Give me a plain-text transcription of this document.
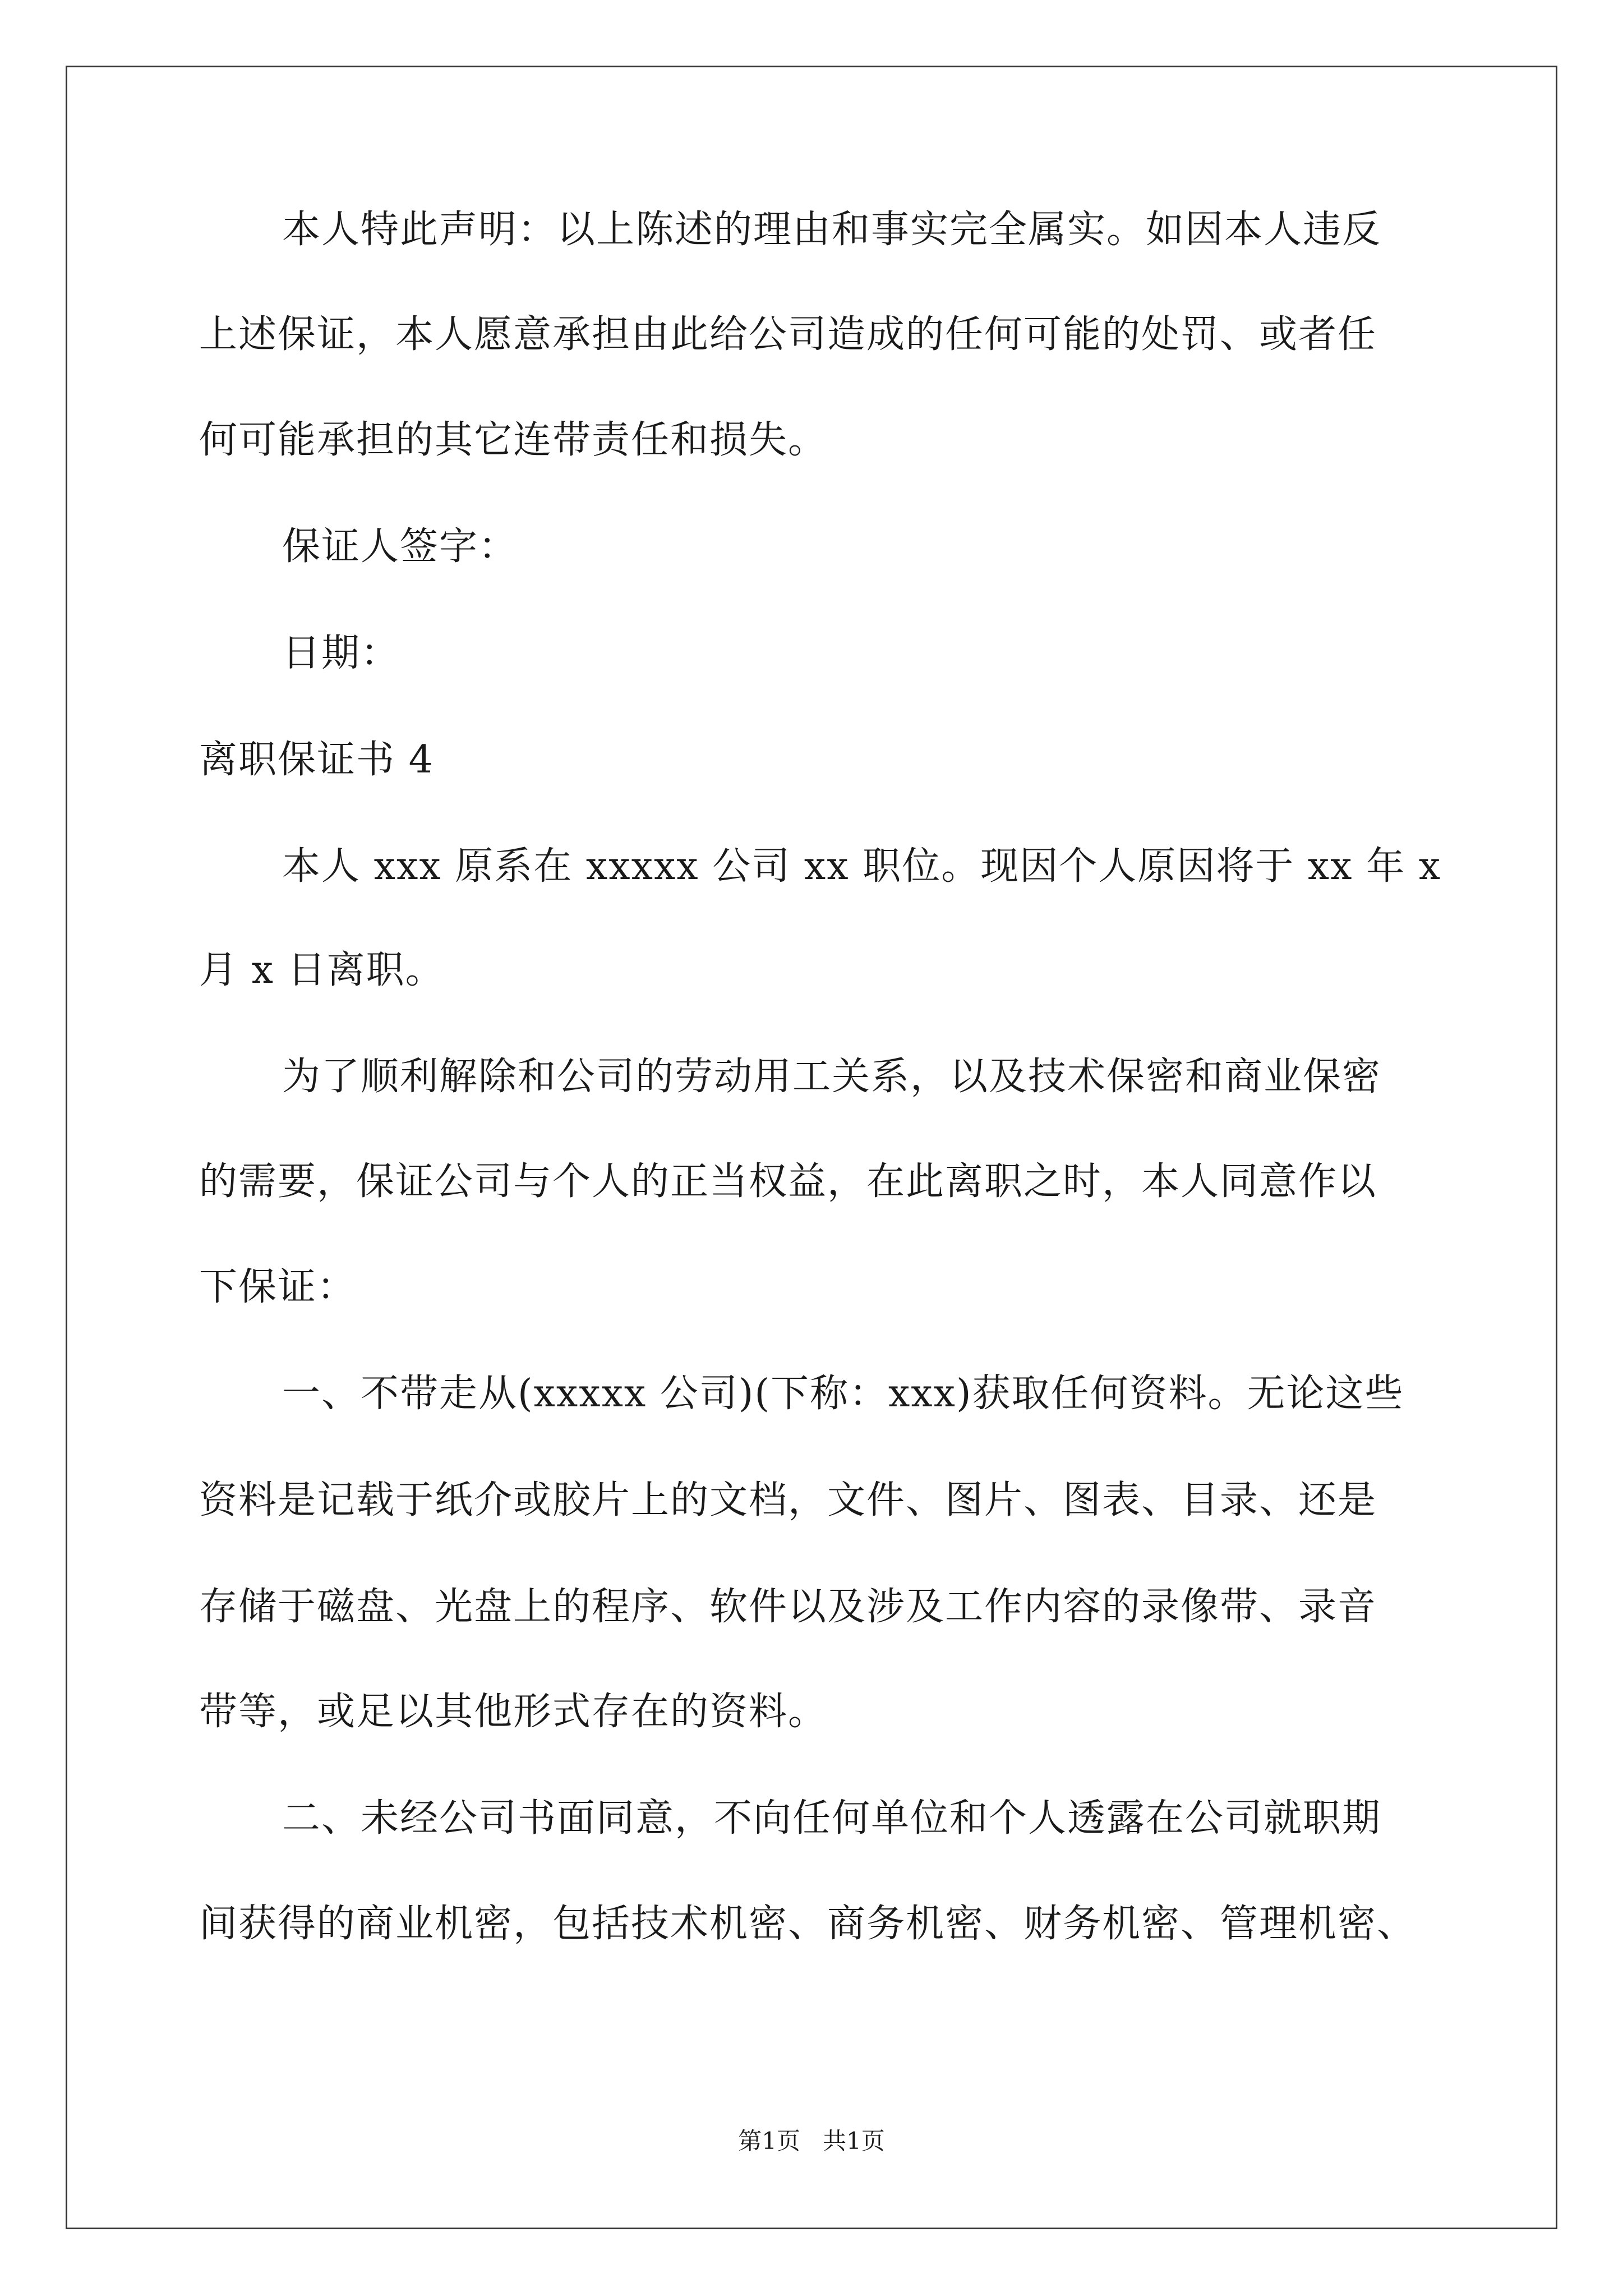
本人特此声明：以上陈述的理由和事实完全属实。如因本人违反
上述保证，本人愿意承担由此给公司造成的任何可能的处罚、或者任
何可能承担的其它连带责任和损失。
保证人签字：
日期：
离职保证书 4
本人 xxx 原系在 xxxxx 公司 xx 职位。现因个人原因将于 xx 年 x
月 x 日离职。
为了顺利解除和公司的劳动用工关系，以及技术保密和商业保密
的需要，保证公司与个人的正当权益，在此离职之时，本人同意作以
下保证：
一、不带走从(xxxxx 公司)(下称：xxx)获取任何资料。无论这些
资料是记载于纸介或胶片上的文档，文件、图片、图表、目录、还是
存储于磁盘、光盘上的程序、软件以及涉及工作内容的录像带、录音
带等，或足以其他形式存在的资料。
二、未经公司书面同意，不向任何单位和个人透露在公司就职期
间获得的商业机密，包括技术机密、商务机密、财务机密、管理机密、
第1页   共1页
